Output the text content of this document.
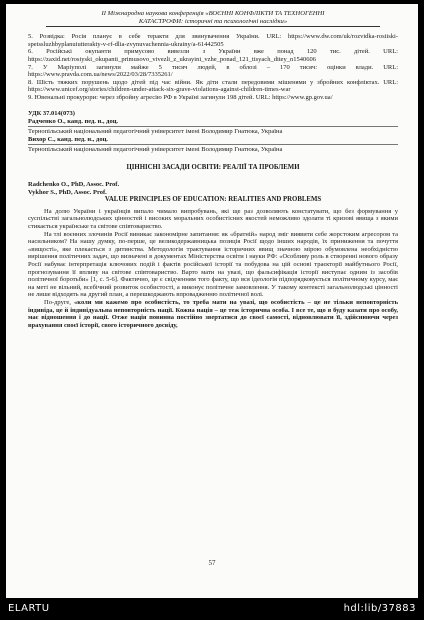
ІІ Міжнародна наукова конференція «ВОЄННІ КОНФЛІКТИ ТА ТЕХНОГЕННІ
КАТАСТРОФИ: історичні та психологічні наслідки»

5. Розвідка: Росія планує в себе теракти для звинувачення України. URL: https://www.dw.com/uk/rozvidka-rosiiski-spetssluzhbyplanuiutterakty-v-rf-dlia-zvynuvachennia-ukrainy/a-61442505

6. Російські окупанти примусово вивезли з України вже понад 120 тис. дітей. URL: https://zaxid.net/rosiyski_okupanti_primusovo_vivezli_z_ukrayini_vzhe_ponad_121_tisyach_ditey_n1540606

7. У Маріуполі загинули майже 5 тисяч людей, в облозі – 170 тисяч: оцінки влади. URL: https://www.pravda.com.ua/news/2022/03/28/7335261/

8. Шість тяжких порушень щодо дітей під час війни. Як діти стали передовими мішенями у збройних конфліктах. URL: https://www.unicef.org/stories/children-under-attack-six-grave-violations-against-children-times-war

9. Ювенальні прокурори: через збройну агресію РФ в Україні загинули 198 дітей. URL: https://www.gp.gov.ua/

УДК 37.014(073)
Радченко О., канд. пед. н., доц.
Тернопільський національний педагогічний університет імені Володимир Гнатюка, Україна
Вихор С., канд. пед. н., доц.
Тернопільський національний педагогічний університет імені Володимир Гнатюка, Україна
ЦІННІСНІ ЗАСАДИ ОСВІТИ: РЕАЛІЇ ТА ПРОБЛЕМИ
Radchenko O., PhD, Assoc. Prof.
Vykhor S., PhD, Assoc. Prof.
VALUE PRINCIPLES OF EDUCATION: REALITIES AND PROBLEMS

На долю України і українців випало чимало випробувань, які ще раз дозволяють констатувати, що без формування у суспільстві загальнолюдських цінностей і високих моральних особистісних якостей неможливо здолати ті кризові явища з якими стикається українське та світове співтовариство.

На тлі воєнних злочинів Росії виникає закономірне запитання: як «братній» народ зміг виявити себе жорстоким агресором та насильником? На нашу думку, по-перше, це великодержавницька позиція Росії щодо інших народів, їх приниження та почуття «вищості», яке плекається з дитинства. Методологія трактування історичних явищ значною мірою обумовлена необхідністю вирішення політичних задач, що визначені в документах Міністерства освіти і науки РФ: «Особливу роль в створенні нового образу Росії набуває інтерпретація ключових подій і фактів російської історії та побудова на цій основі траєкторії майбутнього Росії, прогнозування її впливу на світове співтовариство. Варто мати на увазі, що фальсифікація історії виступає одним із засобів політичної боротьби» [1, с. 5-6]. Фактично, це є свідченням того факту, що вся ідеологія підпорядковується політичному курсу, має на меті не вільний, всебічний розвиток особистості, а виконує політичне замовлення. У такому контексті загальнолюдські цінності не лише відходять на другий план, а перешкоджають впровадженню політичної волі.

По-друге, «коли ми кажемо про особистість, то треба мати на увазі, що особистість – це не тільки неповторність індивіда, це й індивідуальна неповторність нації. Кожна нація – це теж історична особа. І все те, що я буду казати про особу, має відношення і до нації. Отже нація повинна постійно звертатися до своєї самості, відновлювати її, здійснюючи через врахування своєї історії, свого історичного досвіду,

57
ELARTU	hdl:lib/37883
